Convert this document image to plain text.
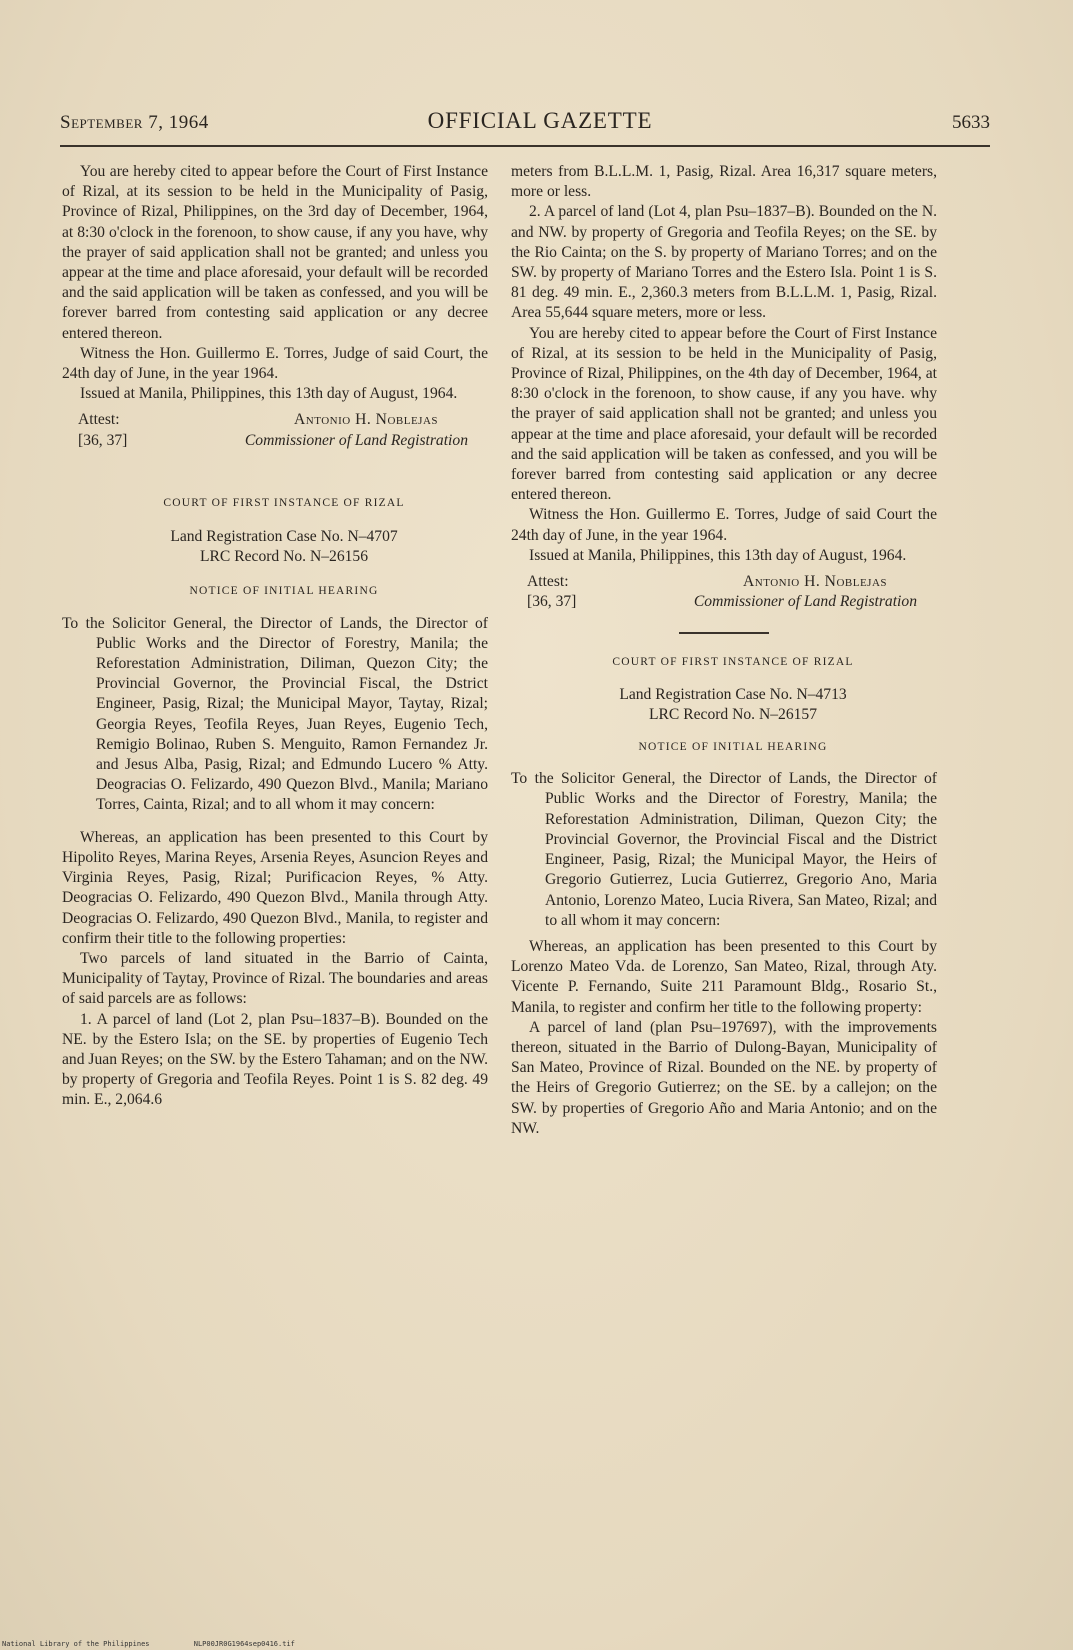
September 7, 1964	OFFICIAL GAZETTE	5633

You are hereby cited to appear before the Court of First Instance of Rizal, at its session to be held in the Municipality of Pasig, Province of Rizal, Philippines, on the 3rd day of December, 1964, at 8:30 o'clock in the forenoon, to show cause, if any you have, why the prayer of said application shall not be granted; and unless you appear at the time and place aforesaid, your default will be recorded and the said application will be taken as confessed, and you will be forever barred from contesting said application or any decree entered thereon.

Witness the Hon. Guillermo E. Torres, Judge of said Court, the 24th day of June, in the year 1964.

Issued at Manila, Philippines, this 13th day of August, 1964.

Attest:	Antonio H. Noblejas
[36, 37]	Commissioner of Land Registration

COURT OF FIRST INSTANCE OF RIZAL

Land Registration Case No. N–4707

LRC Record No. N–26156

NOTICE OF INITIAL HEARING

To the Solicitor General, the Director of Lands, the Director of Public Works and the Director of Forestry, Manila; the Reforestation Administration, Diliman, Quezon City; the Provincial Governor, the Provincial Fiscal, the Dstrict Engineer, Pasig, Rizal; the Municipal Mayor, Taytay, Rizal; Georgia Reyes, Teofila Reyes, Juan Reyes, Eugenio Tech, Remigio Bolinao, Ruben S. Menguito, Ramon Fernandez Jr. and Jesus Alba, Pasig, Rizal; and Edmundo Lucero % Atty. Deogracias O. Felizardo, 490 Quezon Blvd., Manila; Mariano Torres, Cainta, Rizal; and to all whom it may concern:

Whereas, an application has been presented to this Court by Hipolito Reyes, Marina Reyes, Arsenia Reyes, Asuncion Reyes and Virginia Reyes, Pasig, Rizal; Purificacion Reyes, % Atty. Deogracias O. Felizardo, 490 Quezon Blvd., Manila through Atty. Deogracias O. Felizardo, 490 Quezon Blvd., Manila, to register and confirm their title to the following properties:

Two parcels of land situated in the Barrio of Cainta, Municipality of Taytay, Province of Rizal. The boundaries and areas of said parcels are as follows:

1. A parcel of land (Lot 2, plan Psu–1837–B). Bounded on the NE. by the Estero Isla; on the SE. by properties of Eugenio Tech and Juan Reyes; on the SW. by the Estero Tahaman; and on the NW. by property of Gregoria and Teofila Reyes. Point 1 is S. 82 deg. 49 min. E., 2,064.6

meters from B.L.L.M. 1, Pasig, Rizal. Area 16,317 square meters, more or less.

2. A parcel of land (Lot 4, plan Psu–1837–B). Bounded on the N. and NW. by property of Gregoria and Teofila Reyes; on the SE. by the Rio Cainta; on the S. by property of Mariano Torres; and on the SW. by property of Mariano Torres and the Estero Isla. Point 1 is S. 81 deg. 49 min. E., 2,360.3 meters from B.L.L.M. 1, Pasig, Rizal. Area 55,644 square meters, more or less.

You are hereby cited to appear before the Court of First Instance of Rizal, at its session to be held in the Municipality of Pasig, Province of Rizal, Philippines, on the 4th day of December, 1964, at 8:30 o'clock in the forenoon, to show cause, if any you have. why the prayer of said application shall not be granted; and unless you appear at the time and place aforesaid, your default will be recorded and the said application will be taken as confessed, and you will be forever barred from contesting said application or any decree entered thereon.

Witness the Hon. Guillermo E. Torres, Judge of said Court the 24th day of June, in the year 1964.

Issued at Manila, Philippines, this 13th day of August, 1964.

Attest:	Antonio H. Noblejas
[36, 37]	Commissioner of Land Registration

COURT OF FIRST INSTANCE OF RIZAL

Land Registration Case No. N–4713

LRC Record No. N–26157

NOTICE OF INITIAL HEARING

To the Solicitor General, the Director of Lands, the Director of Public Works and the Director of Forestry, Manila; the Reforestation Administration, Diliman, Quezon City; the Provincial Governor, the Provincial Fiscal and the District Engineer, Pasig, Rizal; the Municipal Mayor, the Heirs of Gregorio Gutierrez, Lucia Gutierrez, Gregorio Ano, Maria Antonio, Lorenzo Mateo, Lucia Rivera, San Mateo, Rizal; and to all whom it may concern:

Whereas, an application has been presented to this Court by Lorenzo Mateo Vda. de Lorenzo, San Mateo, Rizal, through Aty. Vicente P. Fernando, Suite 211 Paramount Bldg., Rosario St., Manila, to register and confirm her title to the following property:

A parcel of land (plan Psu–197697), with the improvements thereon, situated in the Barrio of Dulong-Bayan, Municipality of San Mateo, Province of Rizal. Bounded on the NE. by property of the Heirs of Gregorio Gutierrez; on the SE. by a callejon; on the SW. by properties of Gregorio Año and Maria Antonio; and on the NW.

National Library of the Philippines	NLP00JR0G1964sep0416.tif
